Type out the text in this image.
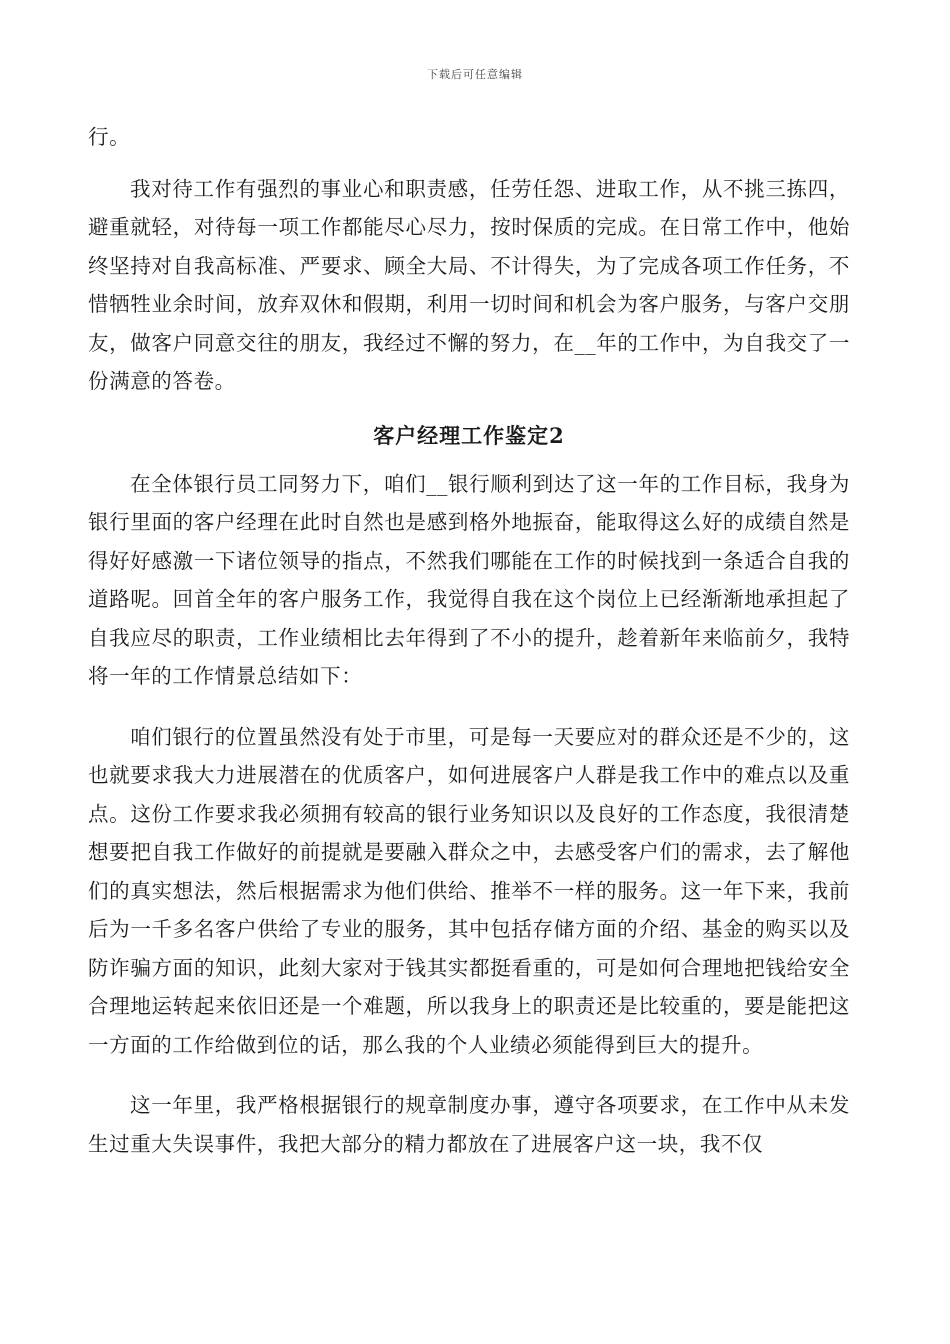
下载后可任意编辑

行。

我对待工作有强烈的事业心和职责感，任劳任怨、进取工作，从不挑三拣四，避重就轻，对待每一项工作都能尽心尽力，按时保质的完成。在日常工作中，他始终坚持对自我高标准、严要求、顾全大局、不计得失，为了完成各项工作任务，不惜牺牲业余时间，放弃双休和假期，利用一切时间和机会为客户服务，与客户交朋友，做客户同意交往的朋友，我经过不懈的努力，在__年的工作中，为自我交了一份满意的答卷。

客户经理工作鉴定2

在全体银行员工同努力下，咱们__银行顺利到达了这一年的工作目标，我身为银行里面的客户经理在此时自然也是感到格外地振奋，能取得这么好的成绩自然是得好好感激一下诸位领导的指点，不然我们哪能在工作的时候找到一条适合自我的道路呢。回首全年的客户服务工作，我觉得自我在这个岗位上已经渐渐地承担起了自我应尽的职责，工作业绩相比去年得到了不小的提升，趁着新年来临前夕，我特将一年的工作情景总结如下：

咱们银行的位置虽然没有处于市里，可是每一天要应对的群众还是不少的，这也就要求我大力进展潜在的优质客户，如何进展客户人群是我工作中的难点以及重点。这份工作要求我必须拥有较高的银行业务知识以及良好的工作态度，我很清楚想要把自我工作做好的前提就是要融入群众之中，去感受客户们的需求，去了解他们的真实想法，然后根据需求为他们供给、推举不一样的服务。这一年下来，我前后为一千多名客户供给了专业的服务，其中包括存储方面的介绍、基金的购买以及防诈骗方面的知识，此刻大家对于钱其实都挺看重的，可是如何合理地把钱给安全合理地运转起来依旧还是一个难题，所以我身上的职责还是比较重的，要是能把这一方面的工作给做到位的话，那么我的个人业绩必须能得到巨大的提升。

这一年里，我严格根据银行的规章制度办事，遵守各项要求，在工作中从未发生过重大失误事件，我把大部分的精力都放在了进展客户这一块，我不仅
